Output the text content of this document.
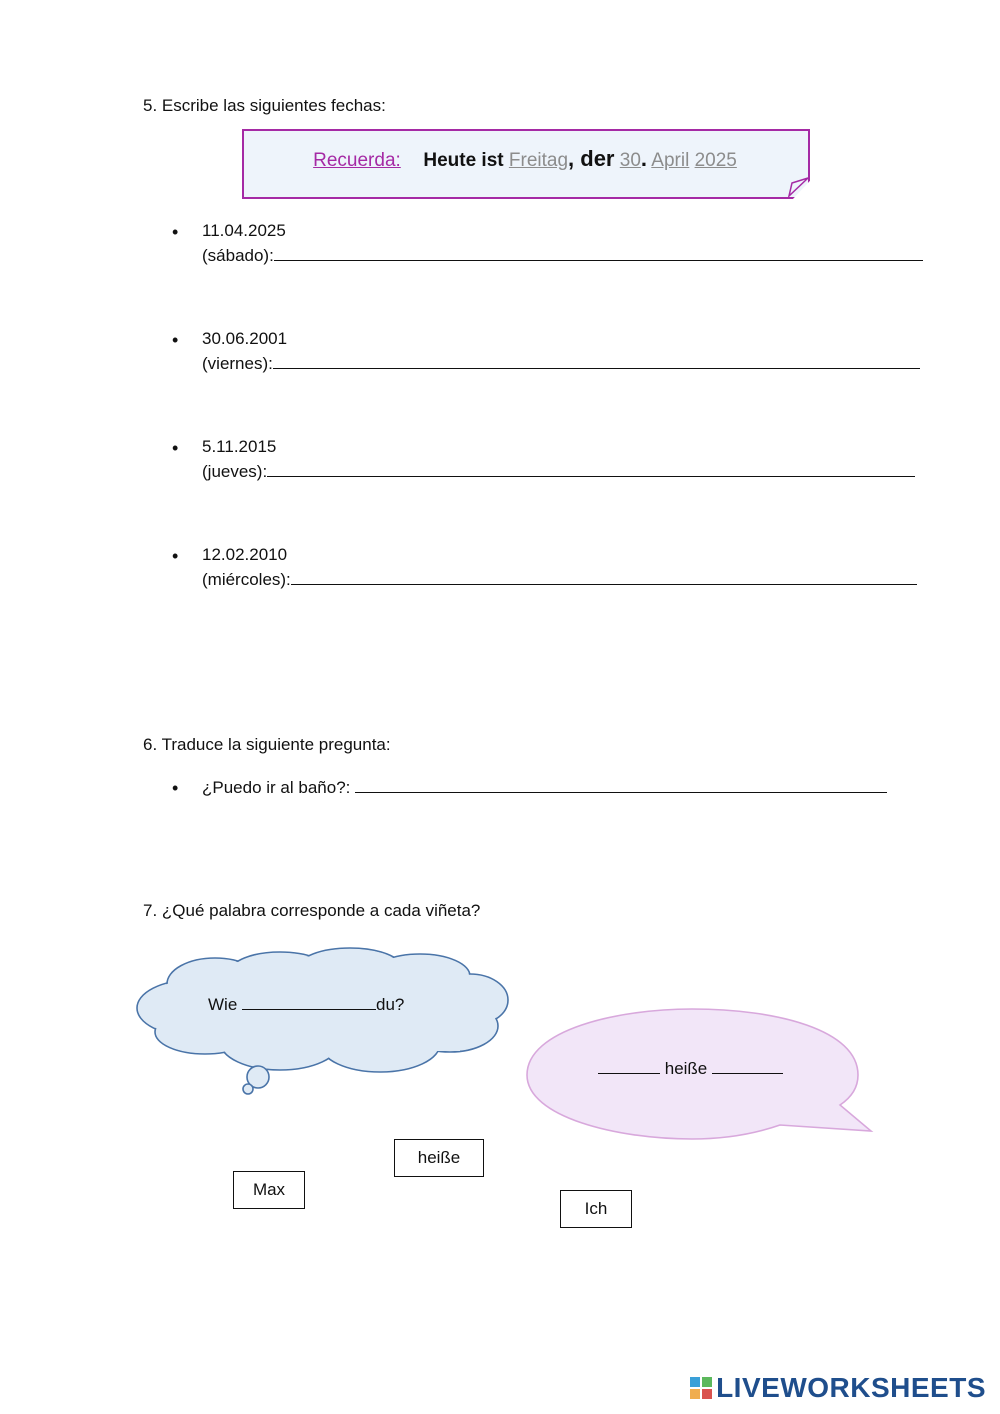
5. Escribe las siguientes fechas:
Recuerda: Heute ist Freitag, der 30. April 2025
• 11.04.2025
(sábado):
• 30.06.2001
(viernes):
• 5.11.2015
(jueves):
• 12.02.2010
(miércoles):
6. Traduce la siguiente pregunta:
• ¿Puedo ir al baño?:
7. ¿Qué palabra corresponde a cada viñeta?
Wie	du?
heiße
heiße
Max
Ich
LIVEWORKSHEETS
